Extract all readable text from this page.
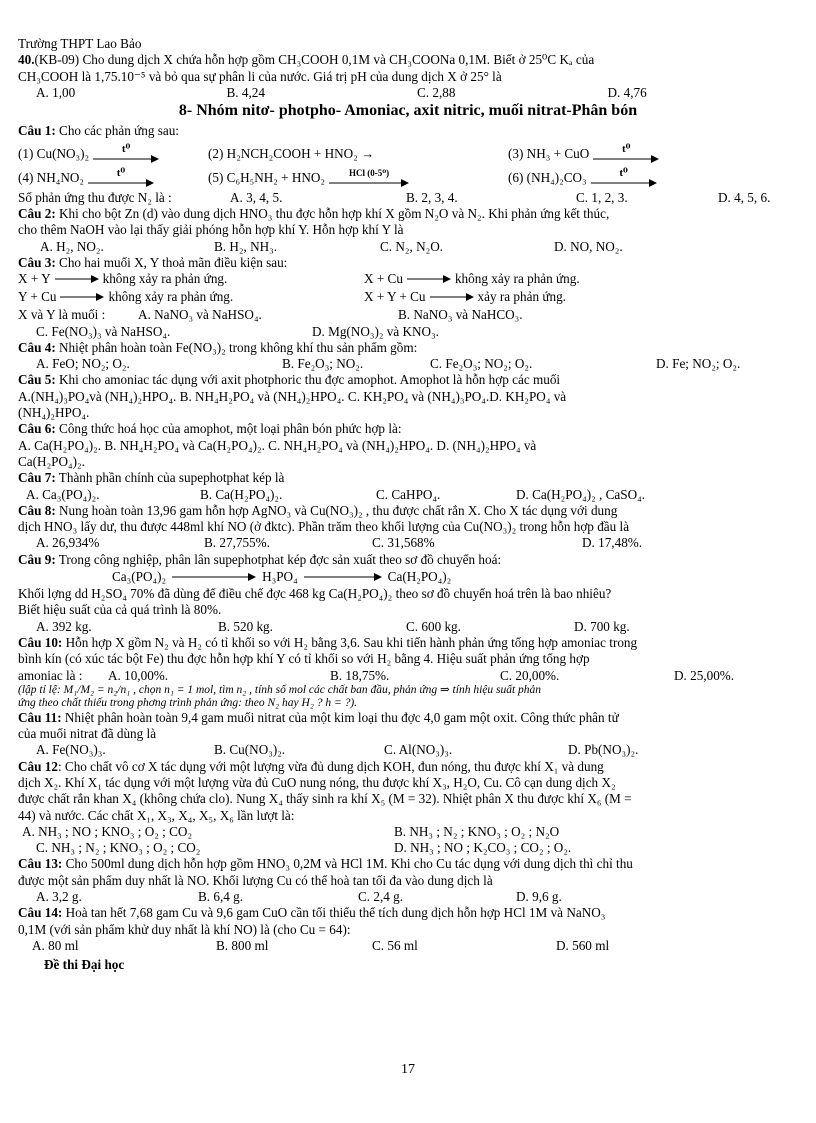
Trường THPT Lao Bảo
40.(KB-09) Cho dung dịch X chứa hỗn hợp gồm CH₃COOH 0,1M và CH₃COONa 0,1M. Biết ở 25⁰C Kₐ của
CH₃COOH là 1,75.10⁻⁵ và bỏ qua sự phân li của nước. Giá trị pH của dung dịch X ở 25° là
A. 1,00	B. 4,24	C. 2,88	D. 4,76
8- Nhóm nitơ- photpho- Amoniac, axit nitric, muối nitrat-Phân bón
Câu 1: Cho các phản ứng sau:
(1) Cu(NO₃)₂	t⁰	(2) H₂NCH₂COOH + HNO₂ →	(3) NH₃ + CuO	t⁰
(4) NH₄NO₂	t⁰	(5) C₆H₅NH₂ + HNO₂	HCl (0-5⁰)	(6) (NH₄)₂CO₃	t⁰
Số phản ứng thu được N₂ là :	A. 3, 4, 5.	B. 2, 3, 4.	C. 1, 2, 3.	D. 4, 5, 6.
Câu 2: Khi cho bột Zn (d) vào dung dịch HNO₃ thu đợc hỗn hợp khí X gồm N₂O và N₂. Khi phản ứng kết thúc,
cho thêm NaOH vào lại thấy giải phóng hỗn hợp khí Y. Hỗn hợp khí Y là
A. H₂, NO₂.	B. H₂, NH₃.	C. N₂, N₂O.	D. NO, NO₂.
Câu 3: Cho hai muối X, Y thoả mãn điều kiện sau:
X + Y → không xảy ra phản ứng.	X + Cu → không xảy ra phản ứng.
Y + Cu → không xảy ra phản ứng.	X + Y + Cu → xảy ra phản ứng.
X và Y là muối :	A. NaNO₃ và NaHSO₄.	B. NaNO₃ và NaHCO₃.
C. Fe(NO₃)₃ và NaHSO₄.	D. Mg(NO₃)₂ và KNO₃.
Câu 4: Nhiệt phân hoàn toàn Fe(NO₃)₂ trong không khí thu sản phẩm gồm:
A. FeO; NO₂; O₂.	B. Fe₂O₃; NO₂.	C. Fe₂O₃; NO₂; O₂.	D. Fe; NO₂; O₂.
Câu 5: Khi cho amoniac tác dụng với axit photphoric thu đợc amophot. Amophot là hỗn hợp các muối
A.(NH₄)₃PO₄và (NH₄)₂HPO₄. B. NH₄H₂PO₄ và (NH₄)₂HPO₄. C. KH₂PO₄ và (NH₄)₃PO₄.D. KH₂PO₄ và
(NH₄)₂HPO₄.
Câu 6: Công thức hoá học của amophot, một loại phân bón phức hợp là:
A. Ca(H₂PO₄)₂. B. NH₄H₂PO₄ và Ca(H₂PO₄)₂. C. NH₄H₂PO₄ và (NH₄)₂HPO₄. D. (NH₄)₂HPO₄ và
Ca(H₂PO₄)₂.
Câu 7: Thành phần chính của supephotphat kép là
A. Ca₃(PO₄)₂.	B. Ca(H₂PO₄)₂.	C. CaHPO₄.	D. Ca(H₂PO₄)₂ , CaSO₄.
Câu 8: Nung hoàn toàn 13,96 gam hỗn hợp AgNO₃ và Cu(NO₃)₂ , thu được chất rắn X. Cho X tác dụng với dung
dịch HNO₃ lấy dư, thu được 448ml khí NO (ở đktc). Phần trăm theo khối lượng của Cu(NO₃)₂ trong hỗn hợp đầu là
A. 26,934%	B. 27,755%.	C. 31,568%	D. 17,48%.
Câu 9: Trong công nghiệp, phân lân supephotphat kép đợc sản xuất theo sơ đồ chuyển hoá:
Ca₃(PO₄)₂	H₃PO₄	Ca(H₂PO₄)₂
Khối lợng dd H₂SO₄ 70% đã dùng để điều chế đợc 468 kg Ca(H₂PO₄)₂ theo sơ đồ chuyển hoá trên là bao nhiêu?
Biết hiệu suất của cả quá trình là 80%.
A. 392 kg.	B. 520 kg.	C. 600 kg.	D. 700 kg.
Câu 10: Hỗn hợp X gồm N₂ và H₂ có tỉ khối so với H₂ bằng 3,6. Sau khi tiến hành phản ứng tổng hợp amoniac trong
bình kín (có xúc tác bột Fe) thu đợc hỗn hợp khí Y có tỉ khối so với H₂ bằng 4. Hiệu suất phản ứng tổng hợp
amoniac là :	A. 10,00%.	B. 18,75%.	C. 20,00%.	D. 25,00%.
(lập tỉ lệ: M₁/M₂ = n₂/n₁ , chọn n₁ = 1 mol, tìm n₂ , tính số mol các chất ban đầu, phản ứng ⇒ tính hiệu suất phản
ứng theo chất thiếu trong phơng trình phản ứng: theo N₂ hay H₂ ? h = ?).
Câu 11: Nhiệt phân hoàn toàn 9,4 gam muối nitrat của một kim loại thu đợc 4,0 gam một oxit. Công thức phân tử
của muối nitrat đã dùng là
A. Fe(NO₃)₃.	B. Cu(NO₃)₂.	C. Al(NO₃)₃.	D. Pb(NO₃)₂.
Câu 12: Cho chất vô cơ X tác dụng với một lượng vừa đủ dung dịch KOH, đun nóng, thu được khí X₁ và dung
dịch X₂. Khí X₁ tác dụng với một lượng vừa đủ CuO nung nóng, thu được khí X₃, H₂O, Cu. Cô cạn dung dịch X₂
được chất rắn khan X₄ (không chứa clo). Nung X₄ thấy sinh ra khí X₅ (M = 32). Nhiệt phân X thu được khí X₆ (M =
44) và nước. Các chất X₁, X₃, X₄, X₅, X₆ lần lượt là:
A. NH₃ ; NO ; KNO₃ ; O₂ ; CO₂	B. NH₃ ; N₂ ; KNO₃ ; O₂ ; N₂O
C. NH₃ ; N₂ ; KNO₃ ; O₂ ; CO₂	D. NH₃ ; NO ; K₂CO₃ ; CO₂ ; O₂.
Câu 13: Cho 500ml dung dịch hỗn hợp gồm HNO₃ 0,2M và HCl 1M. Khi cho Cu tác dụng với dung dịch thì chỉ thu
được một sản phẩm duy nhất là NO. Khối lượng Cu có thể hoà tan tối đa vào dung dịch là
A. 3,2 g.	B. 6,4 g.	C. 2,4 g.	D. 9,6 g.
Câu 14: Hoà tan hết 7,68 gam Cu và 9,6 gam CuO cần tối thiểu thể tích dung dịch hỗn hợp HCl 1M và NaNO₃
0,1M (với sản phẩm khử duy nhất là khí NO) là (cho Cu = 64):
A. 80 ml	B. 800 ml	C. 56 ml	D. 560 ml
Đề thi Đại học
17
